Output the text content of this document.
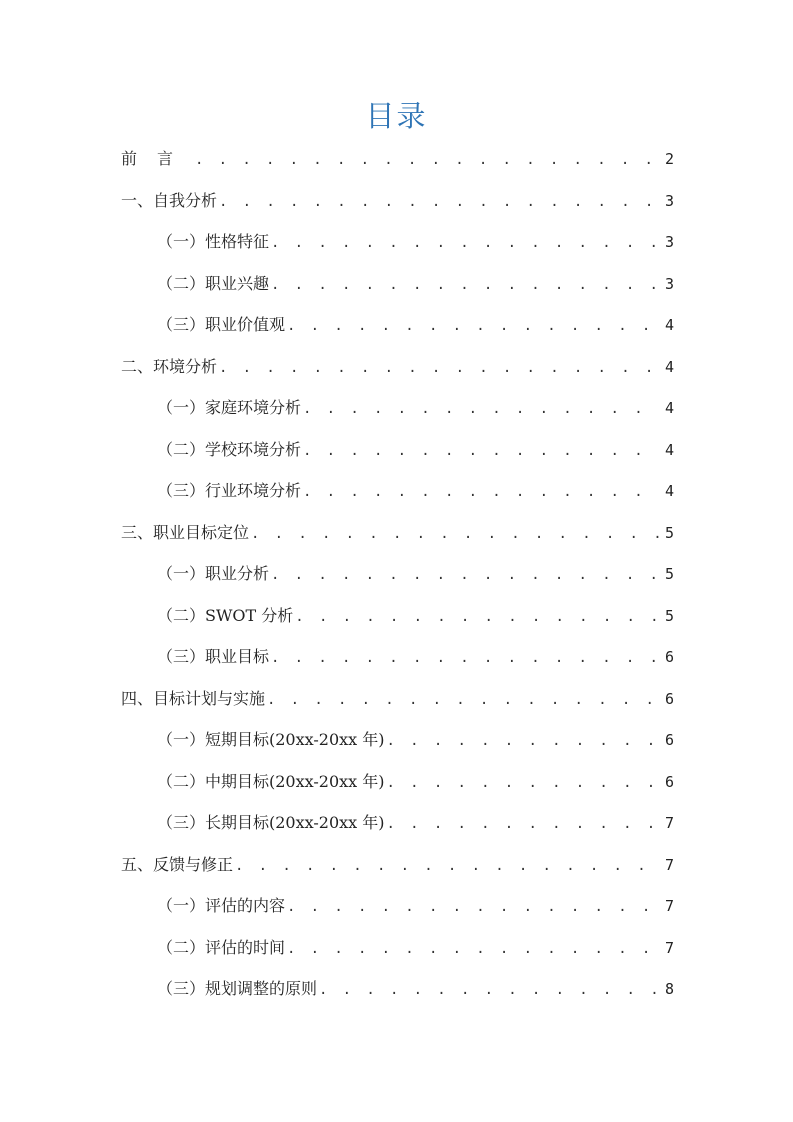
目录
前言 . . .	2
一、自我分析 . . .	3
（一）性格特征 . . .	3
（二）职业兴趣 . . .	3
（三）职业价值观 . . .	4
二、环境分析 . . .	4
（一）家庭环境分析 . . .	4
（二）学校环境分析 . . .	4
（三）行业环境分析 . . .	4
三、职业目标定位 . . .	5
（一）职业分析 . . .	5
（二）SWOT 分析 . . .	5
（三）职业目标 . . .	6
四、目标计划与实施 . . .	6
（一）短期目标(20xx-20xx 年) . . .	6
（二）中期目标(20xx-20xx 年) . . .	6
（三）长期目标(20xx-20xx 年) . . .	7
五、反馈与修正 . . .	7
（一）评估的内容 . . .	7
（二）评估的时间 . . .	7
（三）规划调整的原则 . . .	8
